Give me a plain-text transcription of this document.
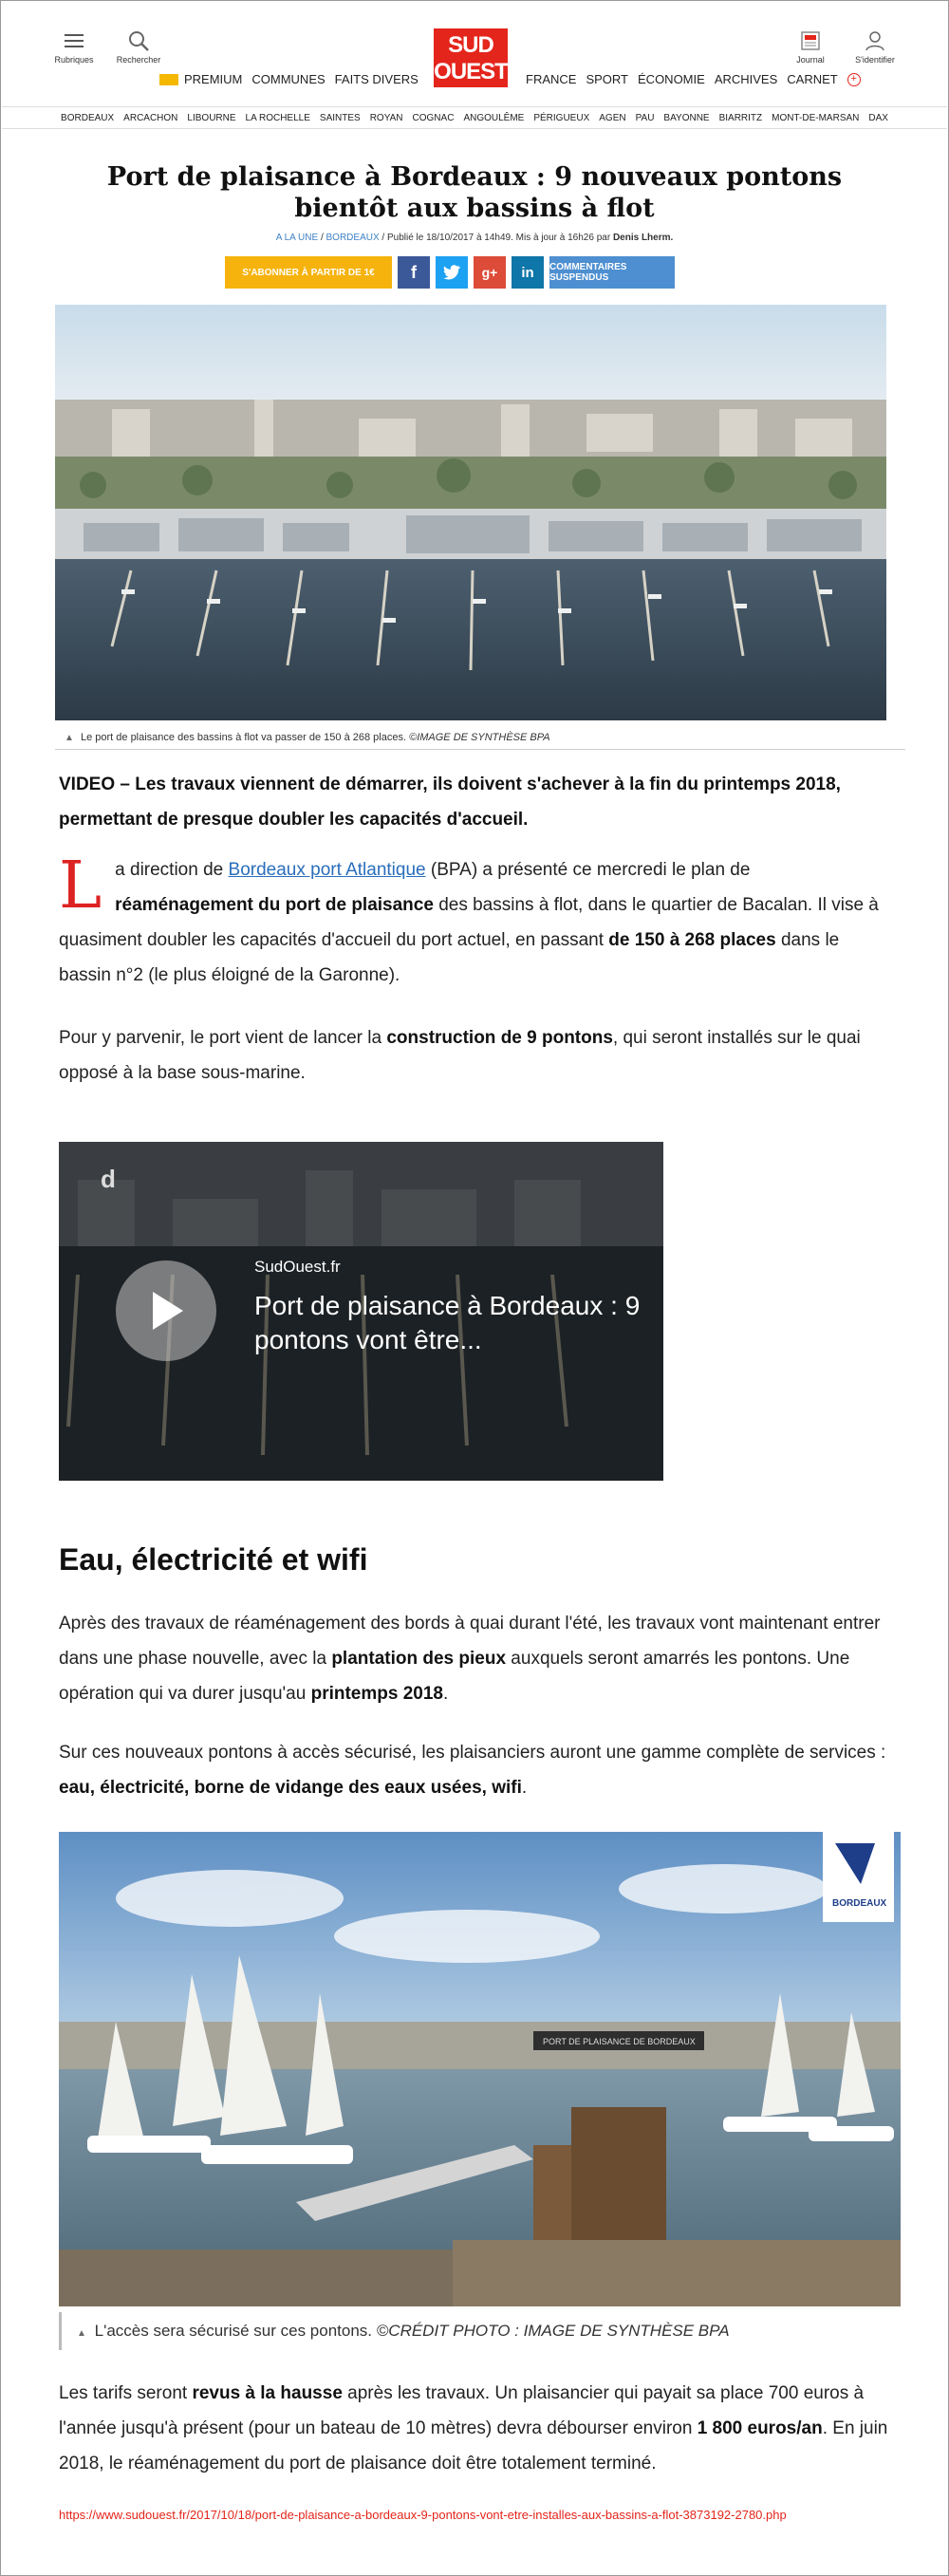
Rubriques	Rechercher
SUD
OUEST	Journal	S'identifier
PREMIUM COMMUNES FAITS DIVERS	FRANCE SPORT ÉCONOMIE ARCHIVES CARNET	+
BORDEAUX ARCACHON LIBOURNE LA ROCHELLE SAINTES ROYAN COGNAC ANGOULÊME PÉRIGUEUX AGEN PAU BAYONNE BIARRITZ MONT-DE-MARSAN DAX
Port de plaisance à Bordeaux : 9 nouveaux pontons bientôt aux bassins à flot
A LA UNE / BORDEAUX / Publié le 18/10/2017 à 14h49. Mis à jour à 16h26 par Denis Lherm.
S'ABONNER À PARTIR DE 1€	f	g+ in COMMENTAIRES SUSPENDUS
▲ Le port de plaisance des bassins à flot va passer de 150 à 268 places. ©IMAGE DE SYNTHÈSE BPA
VIDEO – Les travaux viennent de démarrer, ils doivent s'achever à la fin du printemps 2018, permettant de presque doubler les capacités d'accueil.
La direction de Bordeaux port Atlantique (BPA) a présenté ce mercredi le plan de réaménagement du port de plaisance des bassins à flot, dans le quartier de Bacalan. Il vise à quasiment doubler les capacités d'accueil du port actuel, en passant de 150 à 268 places dans le bassin n°2 (le plus éloigné de la Garonne).
Pour y parvenir, le port vient de lancer la construction de 9 pontons, qui seront installés sur le quai opposé à la base sous-marine.
d
SudOuest.fr
Port de plaisance à Bordeaux : 9 pontons vont être...
Eau, électricité et wifi
Après des travaux de réaménagement des bords à quai durant l'été, les travaux vont maintenant entrer dans une phase nouvelle, avec la plantation des pieux auxquels seront amarrés les pontons. Une opération qui va durer jusqu'au printemps 2018.
Sur ces nouveaux pontons à accès sécurisé, les plaisanciers auront une gamme complète de services : eau, électricité, borne de vidange des eaux usées, wifi.
PORT DE PLAISANCE DE BORDEAUX
BORDEAUX
▲ L'accès sera sécurisé sur ces pontons. ©CRÉDIT PHOTO : IMAGE DE SYNTHÈSE BPA
Les tarifs seront revus à la hausse après les travaux. Un plaisancier qui payait sa place 700 euros à l'année jusqu'à présent (pour un bateau de 10 mètres) devra débourser environ 1 800 euros/an. En juin 2018, le réaménagement du port de plaisance doit être totalement terminé.
https://www.sudouest.fr/2017/10/18/port-de-plaisance-a-bordeaux-9-pontons-vont-etre-installes-aux-bassins-a-flot-3873192-2780.php
